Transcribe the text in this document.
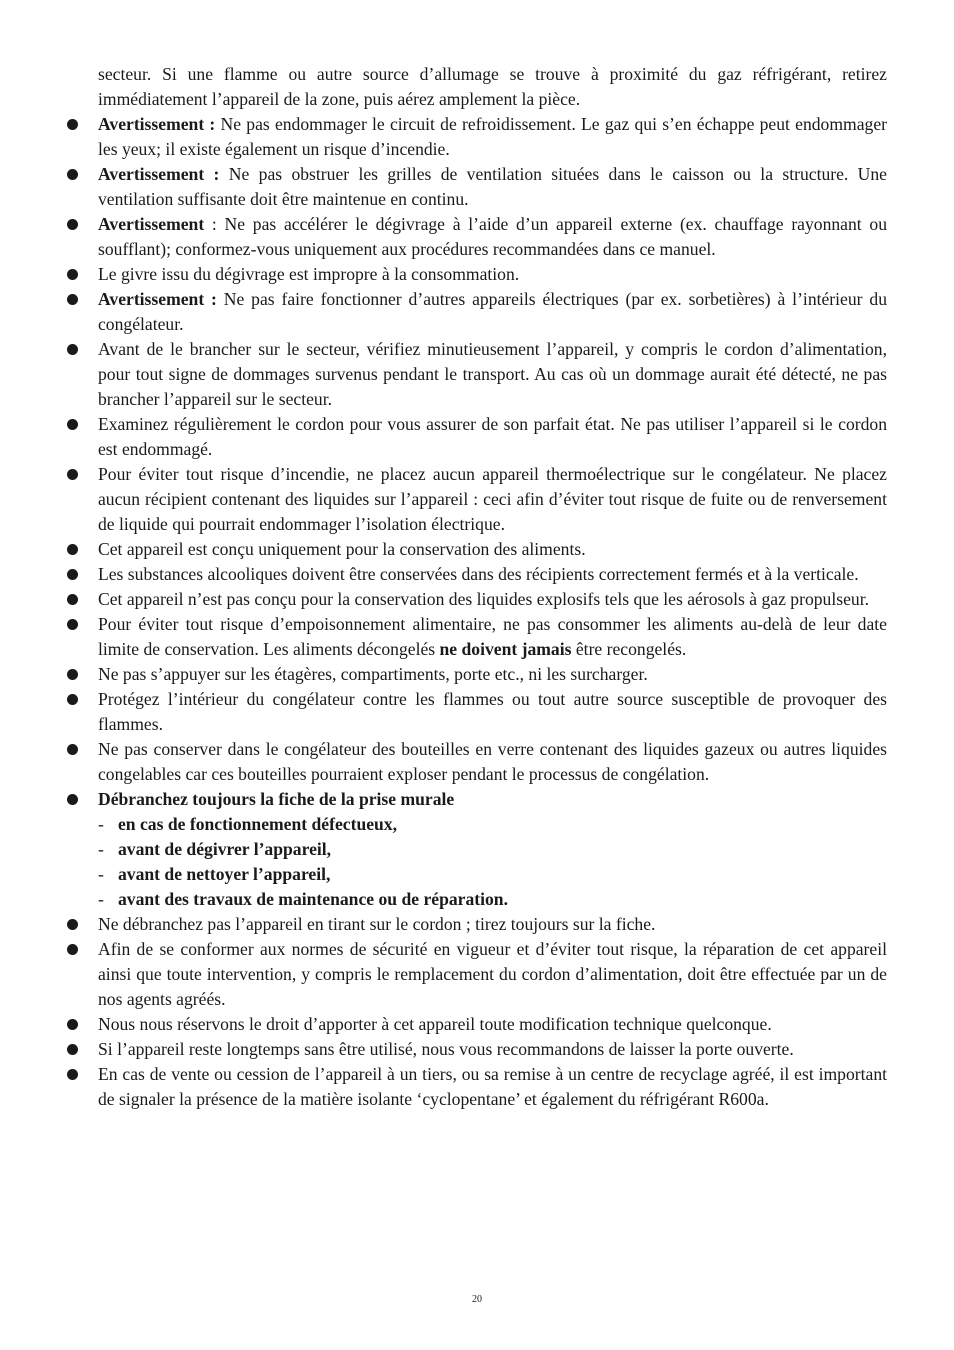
secteur. Si une flamme ou autre source d’allumage se trouve à proximité du gaz réfrigérant, retirez immédiatement l’appareil de la zone, puis aérez amplement la pièce.

Avertissement : Ne pas endommager le circuit de refroidissement. Le gaz qui s’en échappe peut endommager les yeux; il existe également un risque d’incendie.
Avertissement : Ne pas obstruer les grilles de ventilation situées dans le caisson ou la structure. Une ventilation suffisante doit être maintenue en continu.
Avertissement : Ne pas accélérer le dégivrage à l’aide d’un appareil externe (ex. chauffage rayonnant ou soufflant); conformez-vous uniquement aux procédures recommandées dans ce manuel.
Le givre issu du dégivrage est impropre à la consommation.
Avertissement : Ne pas faire fonctionner d’autres appareils électriques (par ex. sorbetières) à l’intérieur du congélateur.
Avant de le brancher sur le secteur, vérifiez minutieusement l’appareil, y compris le cordon d’alimentation, pour tout signe de dommages survenus pendant le transport. Au cas où un dommage aurait été détecté, ne pas brancher l’appareil sur le secteur.
Examinez régulièrement le cordon pour vous assurer de son parfait état. Ne pas utiliser l’appareil si le cordon est endommagé.
Pour éviter tout risque d’incendie, ne placez aucun appareil thermoélectrique sur le congélateur. Ne placez aucun récipient contenant des liquides sur l’appareil : ceci afin d’éviter tout risque de fuite ou de renversement de liquide qui pourrait endommager l’isolation électrique.
Cet appareil est conçu uniquement pour la conservation des aliments.
Les substances alcooliques doivent être conservées dans des récipients correctement fermés et à la verticale.
Cet appareil n’est pas conçu pour la conservation des liquides explosifs tels que les aérosols à gaz propulseur.
Pour éviter tout risque d’empoisonnement alimentaire, ne pas consommer les aliments au-delà de leur date limite de conservation. Les aliments décongelés ne doivent jamais être recongelés.
Ne pas s’appuyer sur les étagères, compartiments, porte etc., ni les surcharger.
Protégez l’intérieur du congélateur contre les flammes ou tout autre source susceptible de provoquer des flammes.
Ne pas conserver dans le congélateur des bouteilles en verre contenant des liquides gazeux ou autres liquides congelables car ces bouteilles pourraient exploser pendant le processus de congélation.
Débranchez toujours la fiche de la prise murale
- en cas de fonctionnement défectueux,
- avant de dégivrer l’appareil,
- avant de nettoyer l’appareil,
- avant des travaux de maintenance ou de réparation.
Ne débranchez pas l’appareil en tirant sur le cordon ; tirez toujours sur la fiche.
Afin de se conformer aux normes de sécurité en vigueur et d’éviter tout risque, la réparation de cet appareil ainsi que toute intervention, y compris le remplacement du cordon d’alimentation, doit être effectuée par un de nos agents agréés.
Nous nous réservons le droit d’apporter à cet appareil toute modification technique quelconque.
Si l’appareil reste longtemps sans être utilisé, nous vous recommandons de laisser la porte ouverte.
En cas de vente ou cession de l’appareil à un tiers, ou sa remise à un centre de recyclage agréé, il est important de signaler la présence de la matière isolante ‘cyclopentane’ et également du réfrigérant R600a.
20
